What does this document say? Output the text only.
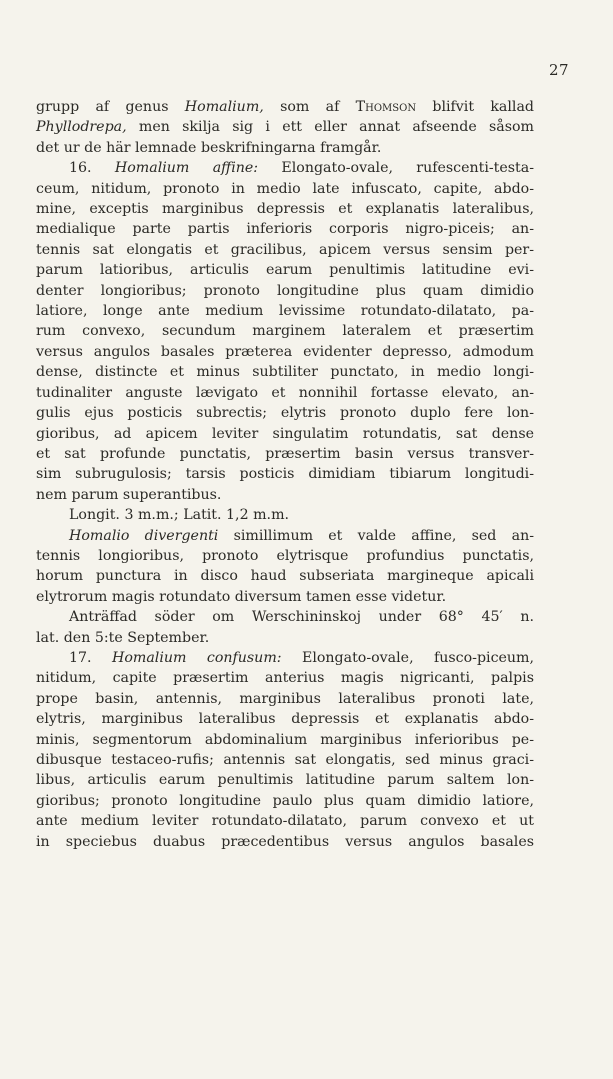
27
grupp af genus Homalium, som af Thomson blifvit kallad
Phyllodrepa, men skilja sig i ett eller annat afseende såsom
det ur de här lemnade beskrifningarna framgår.
16. Homalium affine: Elongato-ovale, rufescenti-testa-
ceum, nitidum, pronoto in medio late infuscato, capite, abdo-
mine, exceptis marginibus depressis et explanatis lateralibus,
medialique parte partis inferioris corporis nigro-piceis; an-
tennis sat elongatis et gracilibus, apicem versus sensim per-
parum latioribus, articulis earum penultimis latitudine evi-
denter longioribus; pronoto longitudine plus quam dimidio
latiore, longe ante medium levissime rotundato-dilatato, pa-
rum convexo, secundum marginem lateralem et præsertim
versus angulos basales præterea evidenter depresso, admodum
dense, distincte et minus subtiliter punctato, in medio longi-
tudinaliter anguste lævigato et nonnihil fortasse elevato, an-
gulis ejus posticis subrectis; elytris pronoto duplo fere lon-
gioribus, ad apicem leviter singulatim rotundatis, sat dense
et sat profunde punctatis, præsertim basin versus transver-
sim subrugulosis; tarsis posticis dimidiam tibiarum longitudi-
nem parum superantibus.
Longit. 3 m.m.; Latit. 1,2 m.m.
Homalio divergenti simillimum et valde affine, sed an-
tennis longioribus, pronoto elytrisque profundius punctatis,
horum punctura in disco haud subseriata margineque apicali
elytrorum magis rotundato diversum tamen esse videtur.
Anträffad söder om Werschininskoj under 68° 45′ n.
lat. den 5:te September.
17. Homalium confusum: Elongato-ovale, fusco-piceum,
nitidum, capite præsertim anterius magis nigricanti, palpis
prope basin, antennis, marginibus lateralibus pronoti late,
elytris, marginibus lateralibus depressis et explanatis abdo-
minis, segmentorum abdominalium marginibus inferioribus pe-
dibusque testaceo-rufis; antennis sat elongatis, sed minus graci-
libus, articulis earum penultimis latitudine parum saltem lon-
gioribus; pronoto longitudine paulo plus quam dimidio latiore,
ante medium leviter rotundato-dilatato, parum convexo et ut
in speciebus duabus præcedentibus versus angulos basales
